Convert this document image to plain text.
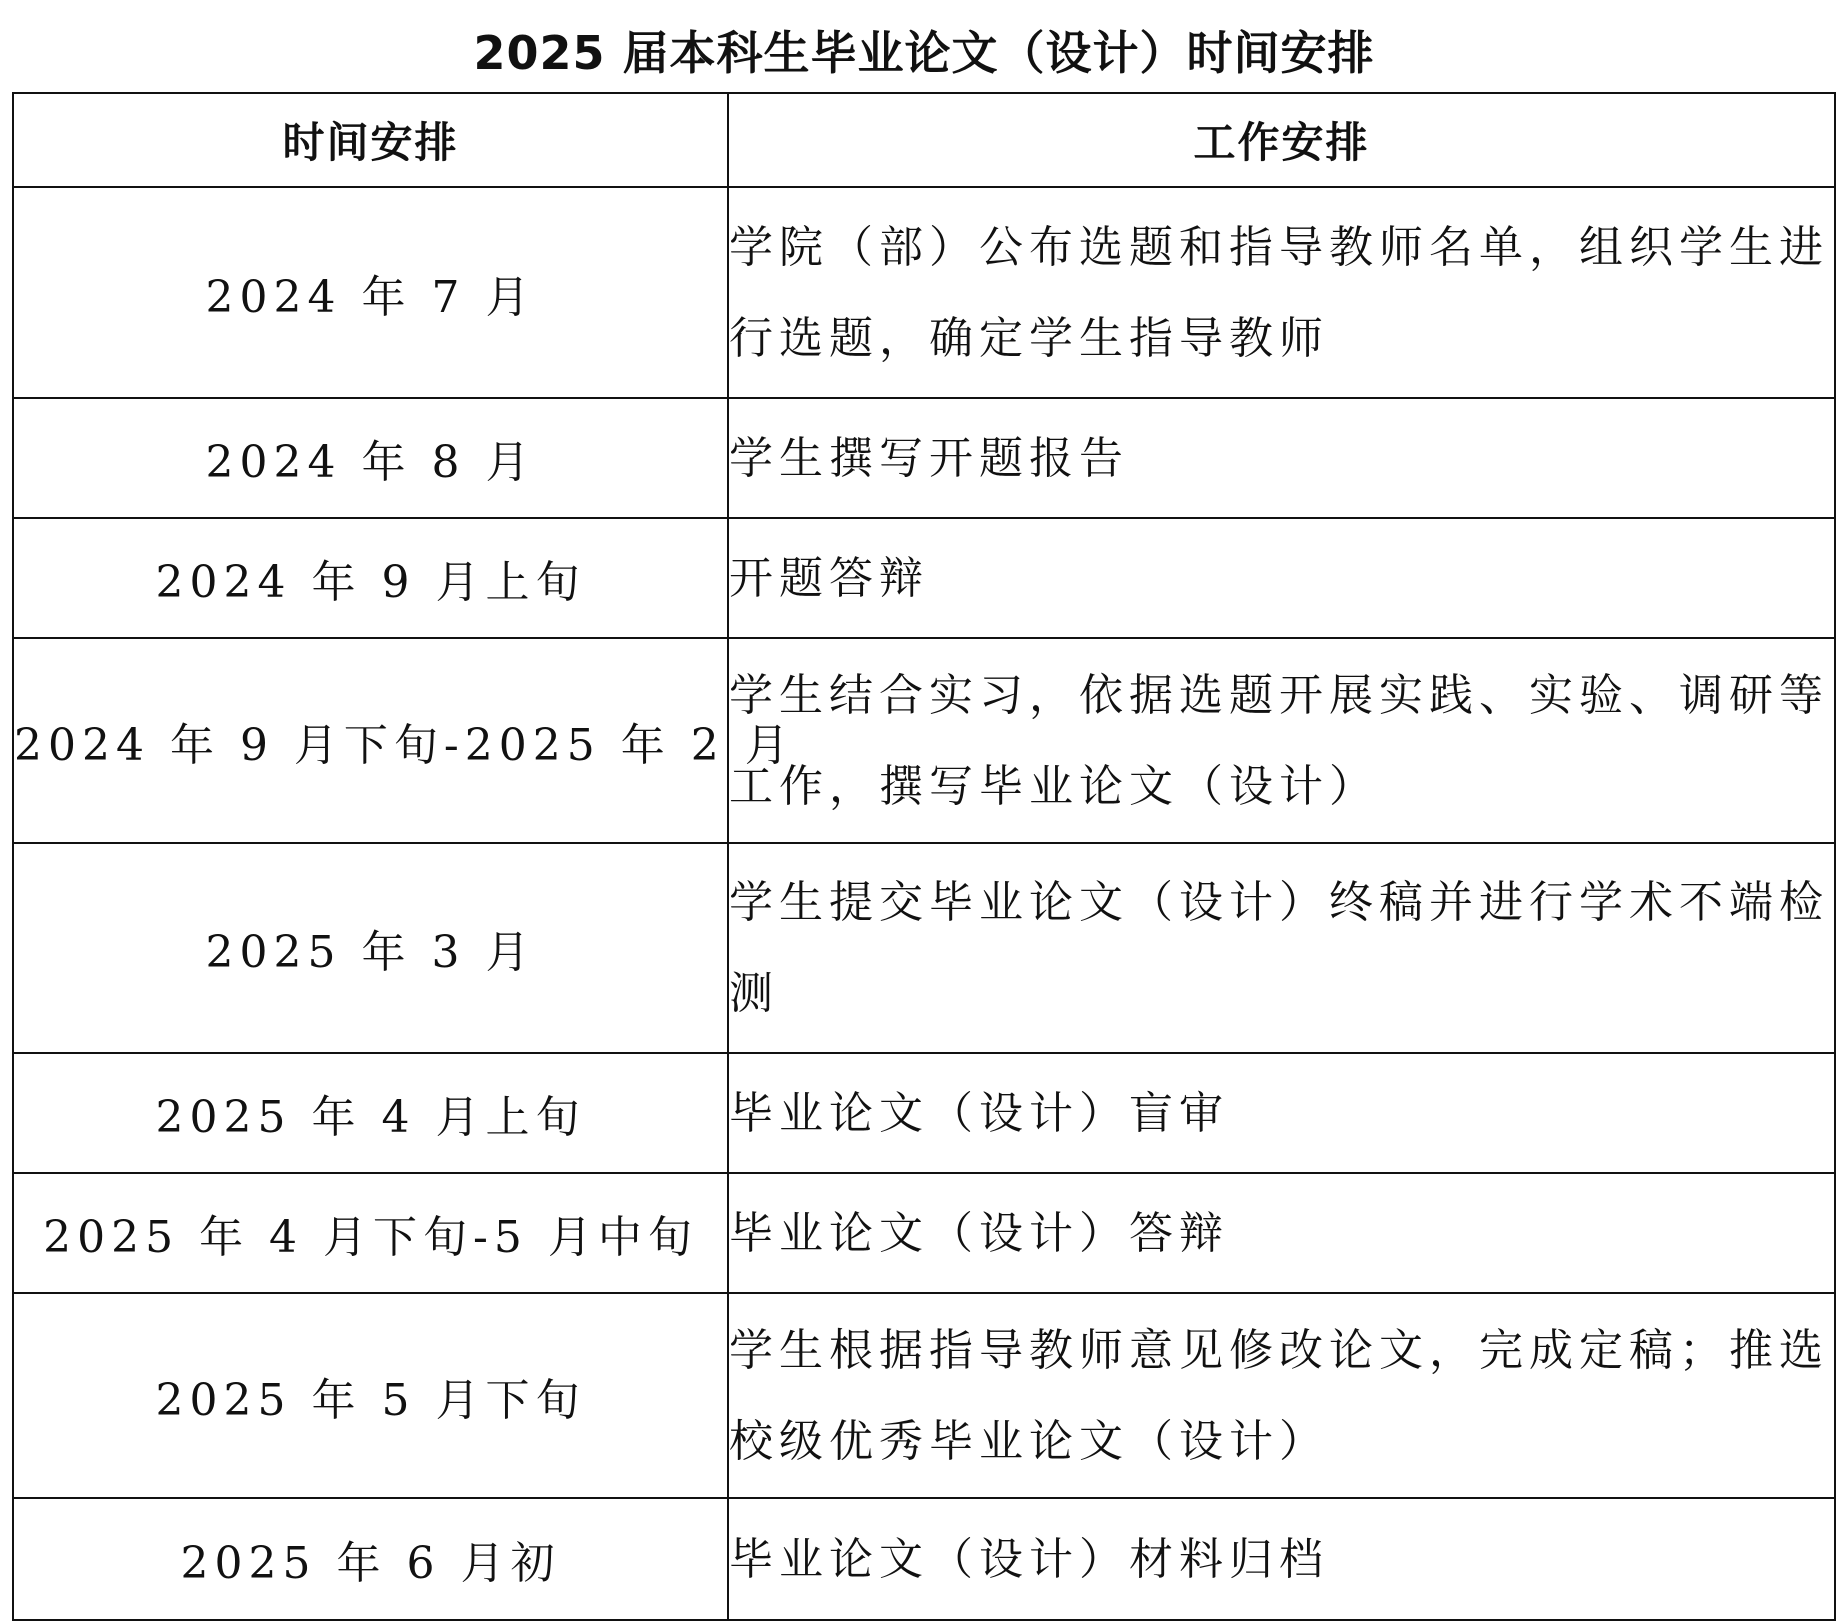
2025 届本科生毕业论文（设计）时间安排
时间安排	工作安排
2024 年 7 月	学院（部）公布选题和指导教师名单，组织学生进行选题，确定学生指导教师
2024 年 8 月	学生撰写开题报告
2024 年 9 月上旬	开题答辩
2024 年 9 月下旬-2025 年 2 月	学生结合实习，依据选题开展实践、实验、调研等工作，撰写毕业论文（设计）
2025 年 3 月	学生提交毕业论文（设计）终稿并进行学术不端检测
2025 年 4 月上旬	毕业论文（设计）盲审
2025 年 4 月下旬-5 月中旬	毕业论文（设计）答辩
2025 年 5 月下旬	学生根据指导教师意见修改论文，完成定稿；推选校级优秀毕业论文（设计）
2025 年 6 月初	毕业论文（设计）材料归档
